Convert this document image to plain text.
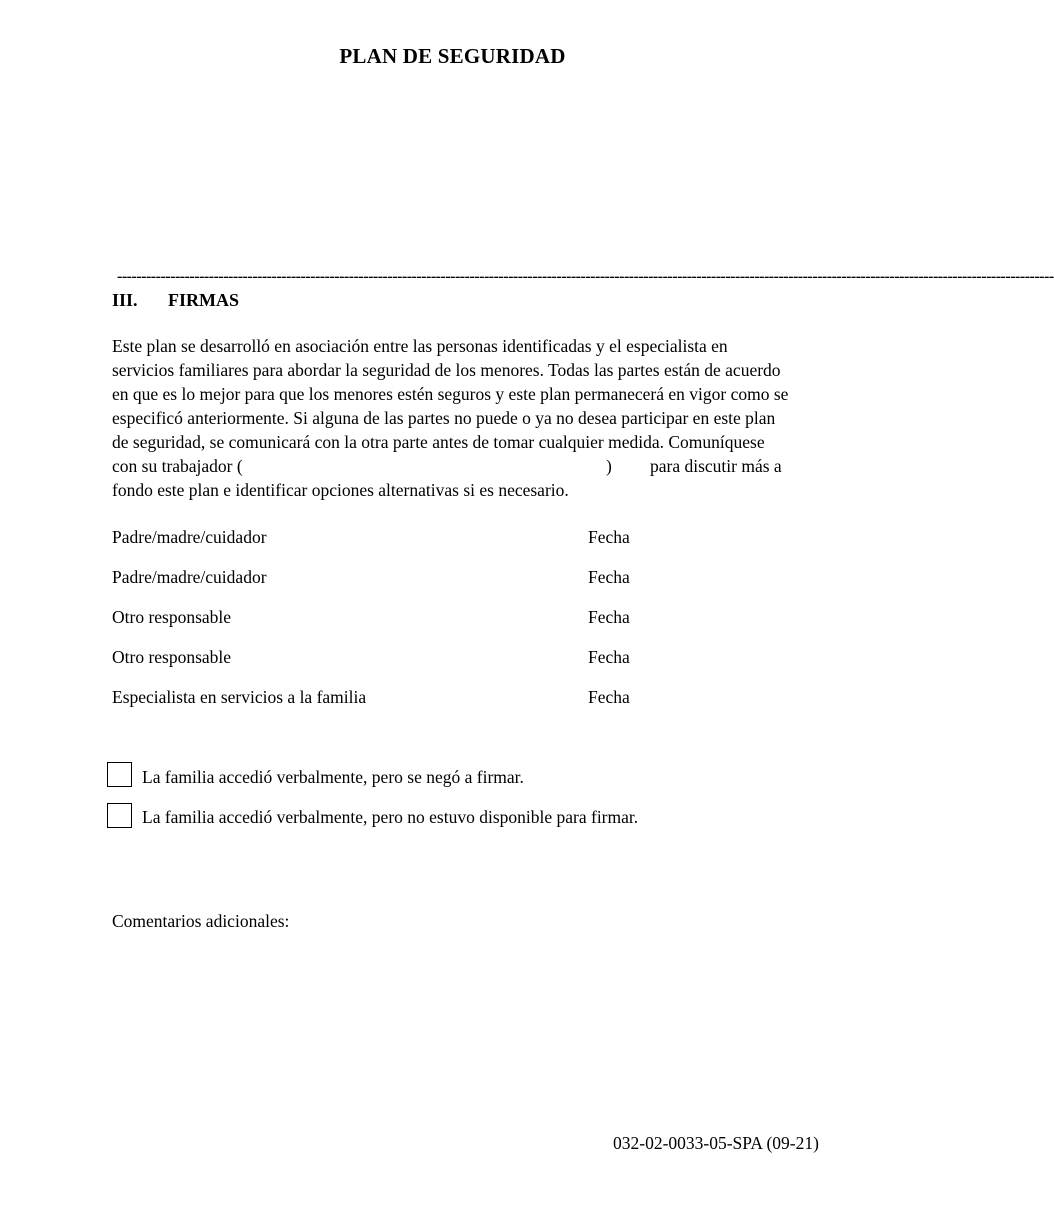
PLAN DE SEGURIDAD
--------------------------------------------------------------------------------------------------------------------------------------------------------------------------------------------------
III. FIRMAS
Este plan se desarrolló en asociación entre las personas identificadas y el especialista en
servicios familiares para abordar la seguridad de los menores. Todas las partes están de acuerdo
en que es lo mejor para que los menores estén seguros y este plan permanecerá en vigor como se
especificó anteriormente. Si alguna de las partes no puede o ya no desea participar en este plan
de seguridad, se comunicará con la otra parte antes de tomar cualquier medida. Comuníquese
con su trabajador (	) para discutir más a
fondo este plan e identificar opciones alternativas si es necesario.
Padre/madre/cuidador	Fecha
Padre/madre/cuidador	Fecha
Otro responsable	Fecha
Otro responsable	Fecha
Especialista en servicios a la familia	Fecha
La familia accedió verbalmente, pero se negó a firmar.
La familia accedió verbalmente, pero no estuvo disponible para firmar.
Comentarios adicionales:
032-02-0033-05-SPA (09-21)
